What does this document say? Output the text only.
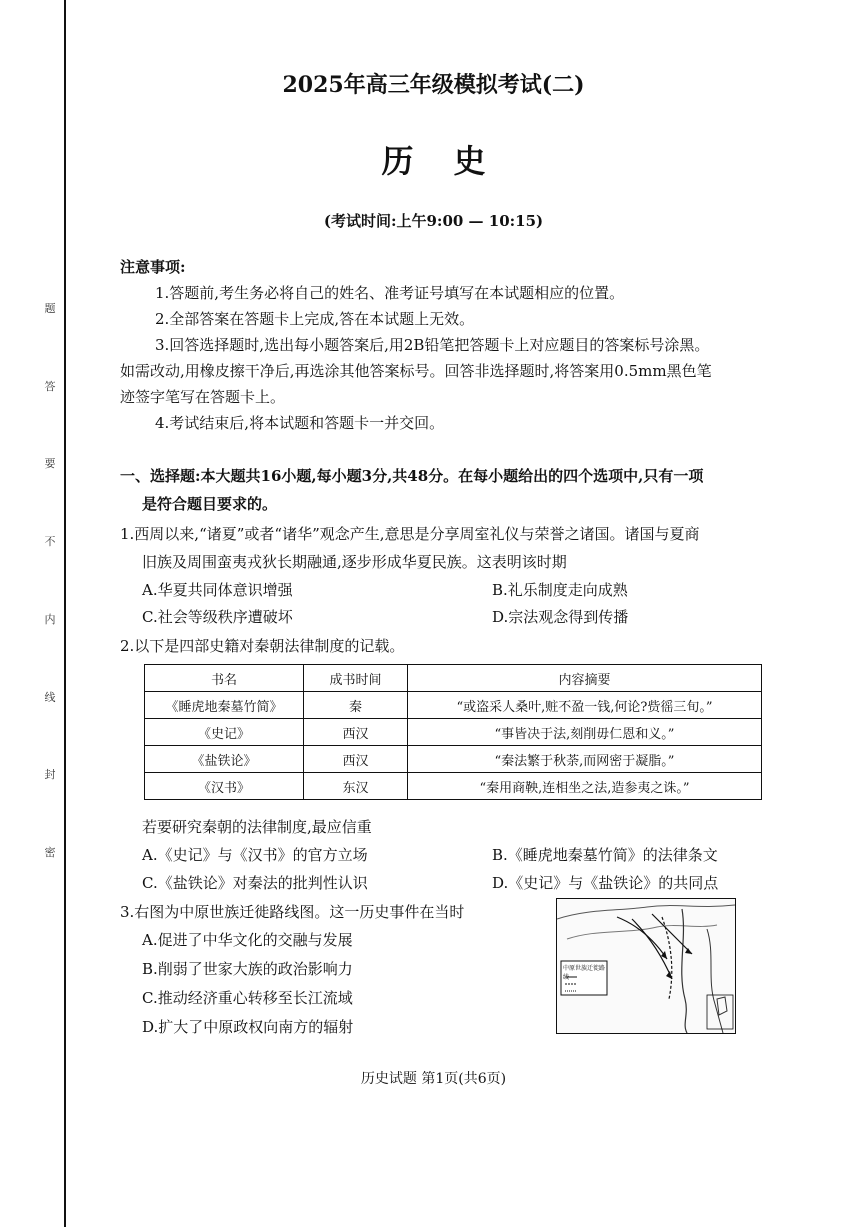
题
答
要
不
内
线
封
密
2025年高三年级模拟考试(二)
历史
(考试时间:上午9:00 — 10:15)
注意事项:
1.答题前,考生务必将自己的姓名、准考证号填写在本试题相应的位置。
2.全部答案在答题卡上完成,答在本试题上无效。
3.回答选择题时,选出每小题答案后,用2B铅笔把答题卡上对应题目的答案标号涂黑。
如需改动,用橡皮擦干净后,再选涂其他答案标号。回答非选择题时,将答案用0.5mm黑色笔
迹签字笔写在答题卡上。
4.考试结束后,将本试题和答题卡一并交回。
一、选择题:本大题共16小题,每小题3分,共48分。在每小题给出的四个选项中,只有一项
是符合题目要求的。
1.西周以来,“诸夏”或者“诸华”观念产生,意思是分享周室礼仪与荣誉之诸国。诸国与夏商
旧族及周围蛮夷戎狄长期融通,逐步形成华夏民族。这表明该时期
A.华夏共同体意识增强	B.礼乐制度走向成熟
C.社会等级秩序遭破坏	D.宗法观念得到传播
2.以下是四部史籍对秦朝法律制度的记载。
书名	成书时间	内容摘要
《睡虎地秦墓竹简》	秦	“或盗采人桑叶,赃不盈一钱,何论?赀徭三旬。”
《史记》	西汉	“事皆决于法,刻削毋仁恩和义。”
《盐铁论》	西汉	“秦法繁于秋荼,而网密于凝脂。”
《汉书》	东汉	“秦用商鞅,连相坐之法,造参夷之诛。”
若要研究秦朝的法律制度,最应信重
A.《史记》与《汉书》的官方立场	B.《睡虎地秦墓竹简》的法律条文
C.《盐铁论》对秦法的批判性认识	D.《史记》与《盐铁论》的共同点
3.右图为中原世族迁徙路线图。这一历史事件在当时
A.促进了中华文化的交融与发展
B.削弱了世家大族的政治影响力
C.推动经济重心转移至长江流域
D.扩大了中原政权向南方的辐射
中原世族迁徙路线
历史试题 第1页(共6页)
